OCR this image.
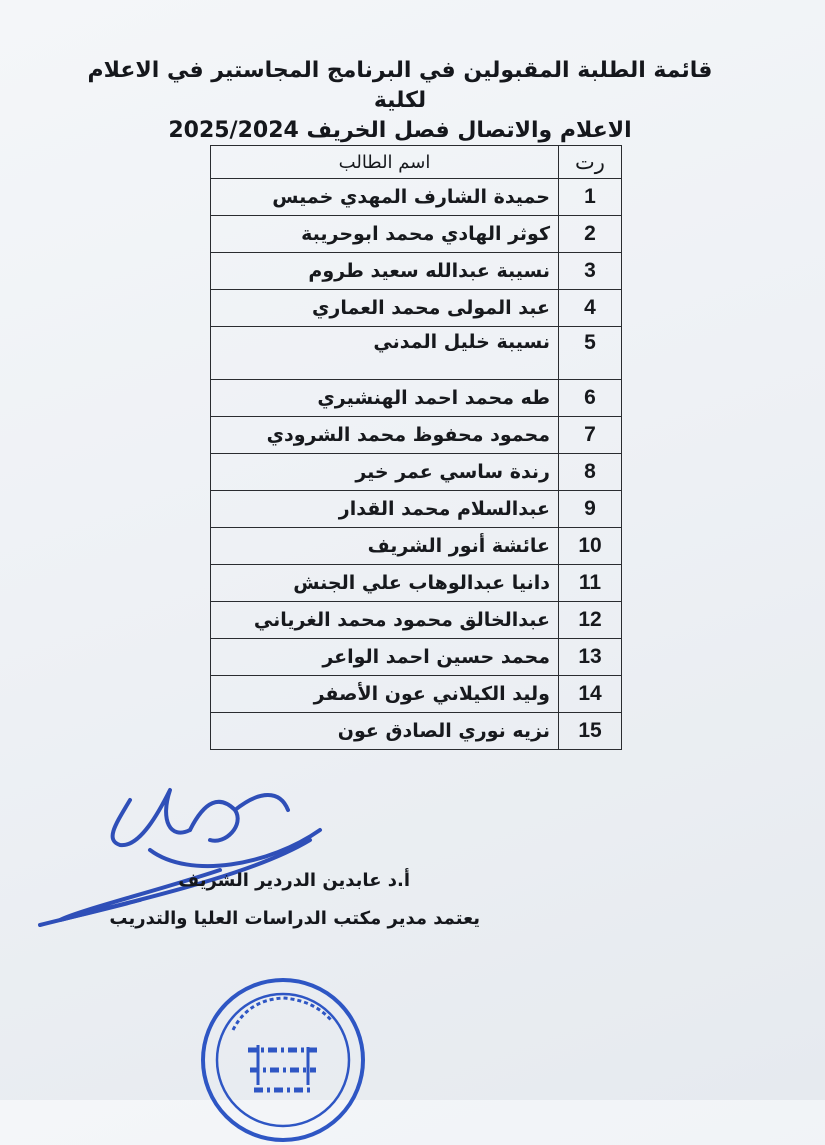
قائمة الطلبة المقبولين في البرنامج المجاستير في الاعلام لكلية
الاعلام والاتصال فصل الخريف 2025/2024
رت	اسم الطالب
1	حميدة الشارف المهدي خميس
2	كوثر الهادي محمد ابوحريبة
3	نسيبة عبدالله سعيد طروم
4	عبد المولى محمد العماري
5	نسيبة خليل المدني
6	طه محمد احمد الهنشيري
7	محمود محفوظ محمد الشرودي
8	رندة ساسي عمر خير
9	عبدالسلام محمد القدار
10	عائشة أنور الشريف
11	دانيا عبدالوهاب علي الجنش
12	عبدالخالق محمود محمد الغرياني
13	محمد حسين احمد الواعر
14	وليد الكيلاني عون الأصفر
15	نزيه نوري الصادق عون
أ.د عابدين الدردير الشريف
يعتمد مدير مكتب الدراسات العليا والتدريب
